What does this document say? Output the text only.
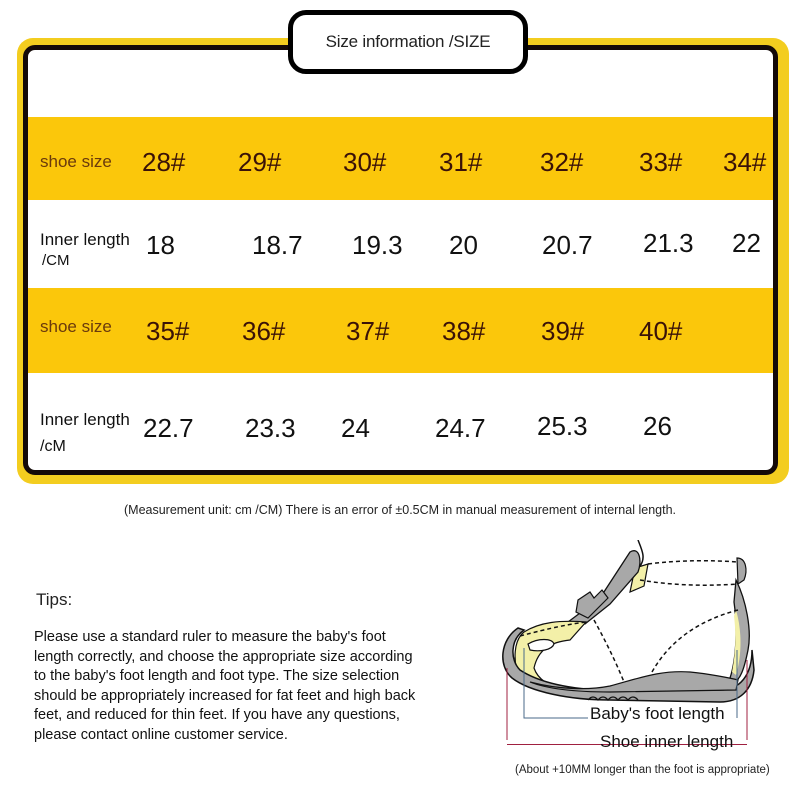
shoe size 28# 29# 30# 31# 32# 33# 34#
Inner length
/CM
18	18.7 19.3 20 20.7 21.3 22
shoe size 35# 36# 37# 38# 39# 40#
Inner length
/cM
22.7 23.3 24	24.7 25.3 26
Size information /SIZE
(Measurement unit: cm /CM) There is an error of ±0.5CM in manual measurement of internal length.
Tips:
Please use a standard ruler to measure the baby's foot length correctly, and choose the appropriate size according to the baby's foot length and foot type. The size selection should be appropriately increased for fat feet and high back feet, and reduced for thin feet. If you have any questions, please contact online customer service.
Baby's foot length
Shoe inner length
(About +10MM longer than the foot is appropriate)
